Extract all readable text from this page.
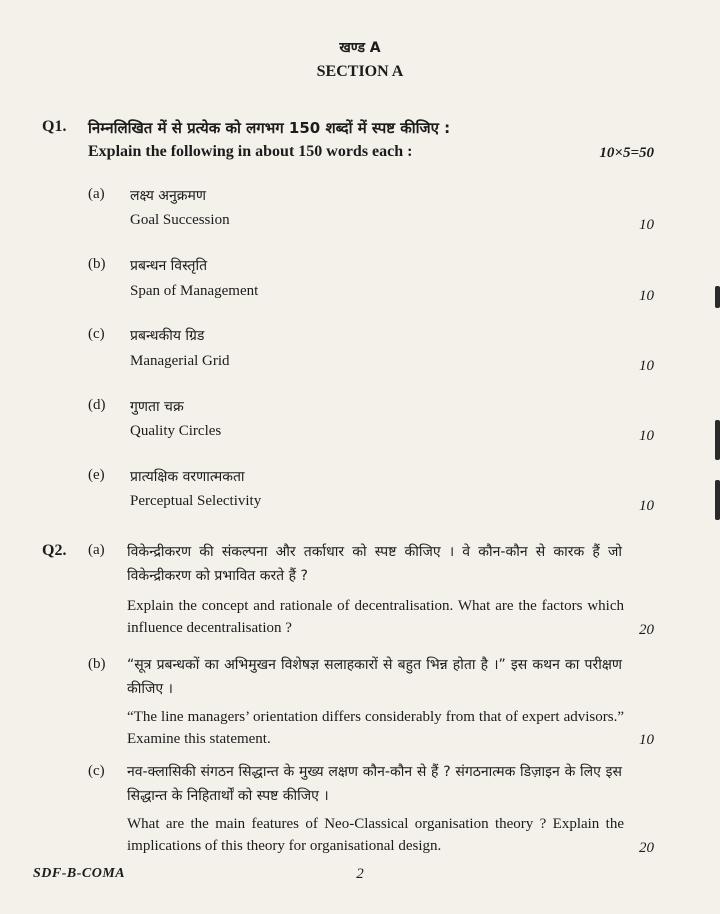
खण्ड A
SECTION A
Q1. निम्नलिखित में से प्रत्येक को लगभग 150 शब्दों में स्पष्ट कीजिए :
Explain the following in about 150 words each :	10×5=50
(a) लक्ष्य अनुक्रमण
Goal Succession	10
(b) प्रबन्धन विस्तृति
Span of Management	10
(c) प्रबन्धकीय ग्रिड
Managerial Grid	10
(d) गुणता चक्र
Quality Circles	10
(e) प्रात्यक्षिक वरणात्मकता
Perceptual Selectivity	10
Q2. (a) विकेन्द्रीकरण की संकल्पना और तर्काधार को स्पष्ट कीजिए । वे कौन-कौन से कारक हैं जो विकेन्द्रीकरण को प्रभावित करते हैं ?
Explain the concept and rationale of decentralisation. What are the factors which influence decentralisation ?	20
(b) “सूत्र प्रबन्धकों का अभिमुखन विशेषज्ञ सलाहकारों से बहुत भिन्न होता है ।” इस कथन का परीक्षण कीजिए ।
“The line managers’ orientation differs considerably from that of expert advisors.” Examine this statement.	10
(c) नव-क्लासिकी संगठन सिद्धान्त के मुख्य लक्षण कौन-कौन से हैं ? संगठनात्मक डिज़ाइन के लिए इस सिद्धान्त के निहितार्थों को स्पष्ट कीजिए ।
What are the main features of Neo-Classical organisation theory ? Explain the implications of this theory for organisational design.	20
SDF-B-COMA	2
